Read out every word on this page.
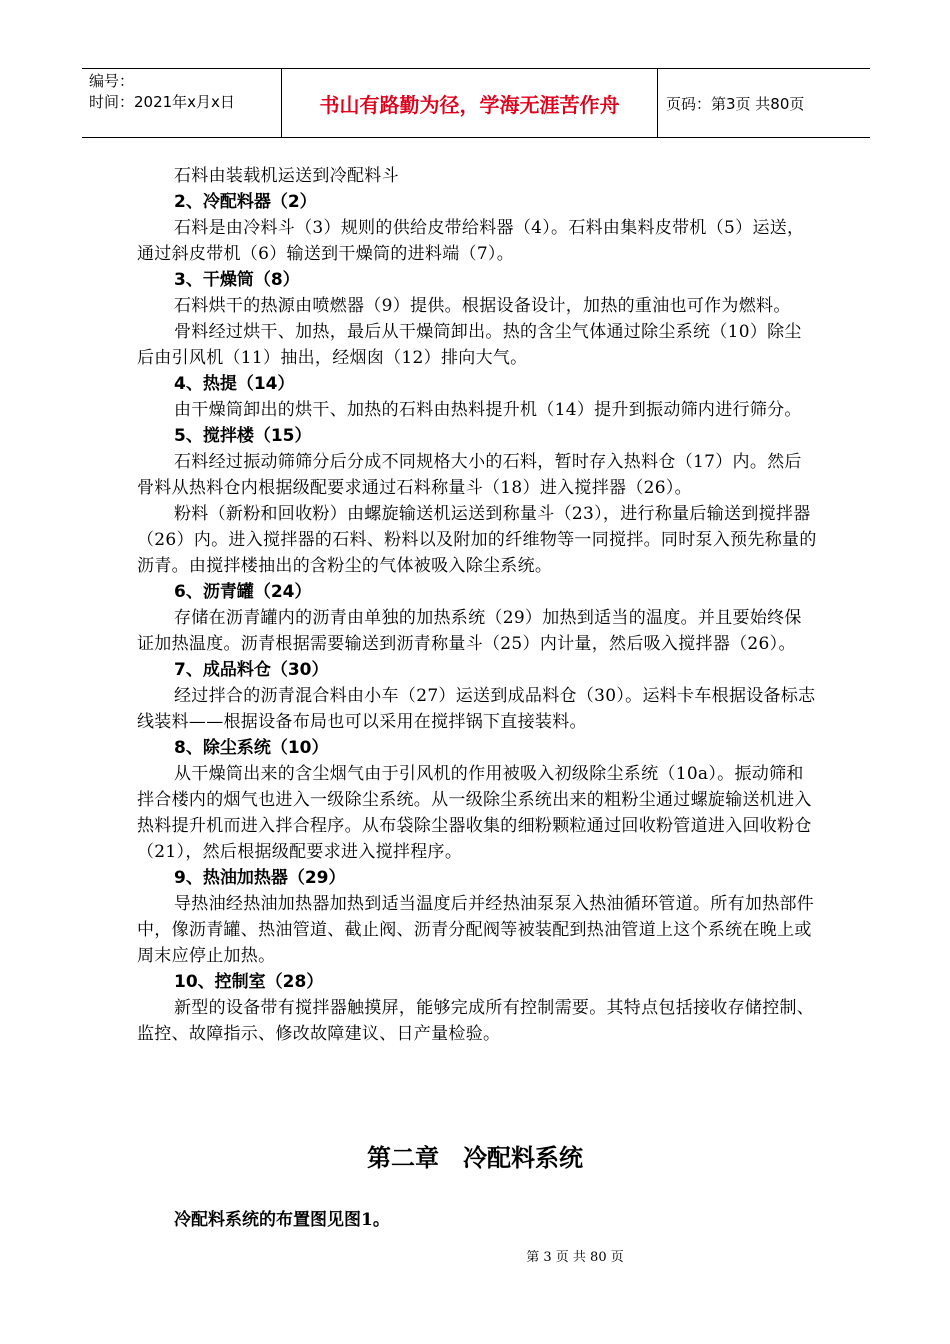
编号：
时间：2021年x月x日	书山有路勤为径，学海无涯苦作舟	页码：第3页 共80页

石料由装载机运送到冷配料斗

2、冷配料器（2）

石料是由冷料斗（3）规则的供给皮带给料器（4）。石料由集料皮带机（5）运送，通过斜皮带机（6）输送到干燥筒的进料端（7）。

3、干燥筒（8）

石料烘干的热源由喷燃器（9）提供。根据设备设计，加热的重油也可作为燃料。

骨料经过烘干、加热，最后从干燥筒卸出。热的含尘气体通过除尘系统（10）除尘后由引风机（11）抽出，经烟囱（12）排向大气。

4、热提（14）

由干燥筒卸出的烘干、加热的石料由热料提升机（14）提升到振动筛内进行筛分。

5、搅拌楼（15）

石料经过振动筛筛分后分成不同规格大小的石料，暂时存入热料仓（17）内。然后骨料从热料仓内根据级配要求通过石料称量斗（18）进入搅拌器（26）。

粉料（新粉和回收粉）由螺旋输送机运送到称量斗（23），进行称量后输送到搅拌器（26）内。进入搅拌器的石料、粉料以及附加的纤维物等一同搅拌。同时泵入预先称量的沥青。由搅拌楼抽出的含粉尘的气体被吸入除尘系统。

6、沥青罐（24）

存储在沥青罐内的沥青由单独的加热系统（29）加热到适当的温度。并且要始终保证加热温度。沥青根据需要输送到沥青称量斗（25）内计量，然后吸入搅拌器（26）。

7、成品料仓（30）

经过拌合的沥青混合料由小车（27）运送到成品料仓（30）。运料卡车根据设备标志线装料——根据设备布局也可以采用在搅拌锅下直接装料。

8、除尘系统（10）

从干燥筒出来的含尘烟气由于引风机的作用被吸入初级除尘系统（10a）。振动筛和拌合楼内的烟气也进入一级除尘系统。从一级除尘系统出来的粗粉尘通过螺旋输送机进入热料提升机而进入拌合程序。从布袋除尘器收集的细粉颗粒通过回收粉管道进入回收粉仓（21），然后根据级配要求进入搅拌程序。

9、热油加热器（29）

导热油经热油加热器加热到适当温度后并经热油泵泵入热油循环管道。所有加热部件中，像沥青罐、热油管道、截止阀、沥青分配阀等被装配到热油管道上这个系统在晚上或周末应停止加热。

10、控制室（28）

新型的设备带有搅拌器触摸屏，能够完成所有控制需要。其特点包括接收存储控制、监控、故障指示、修改故障建议、日产量检验。

第二章　冷配料系统
冷配料系统的布置图见图1。
第 3 页 共 80 页
